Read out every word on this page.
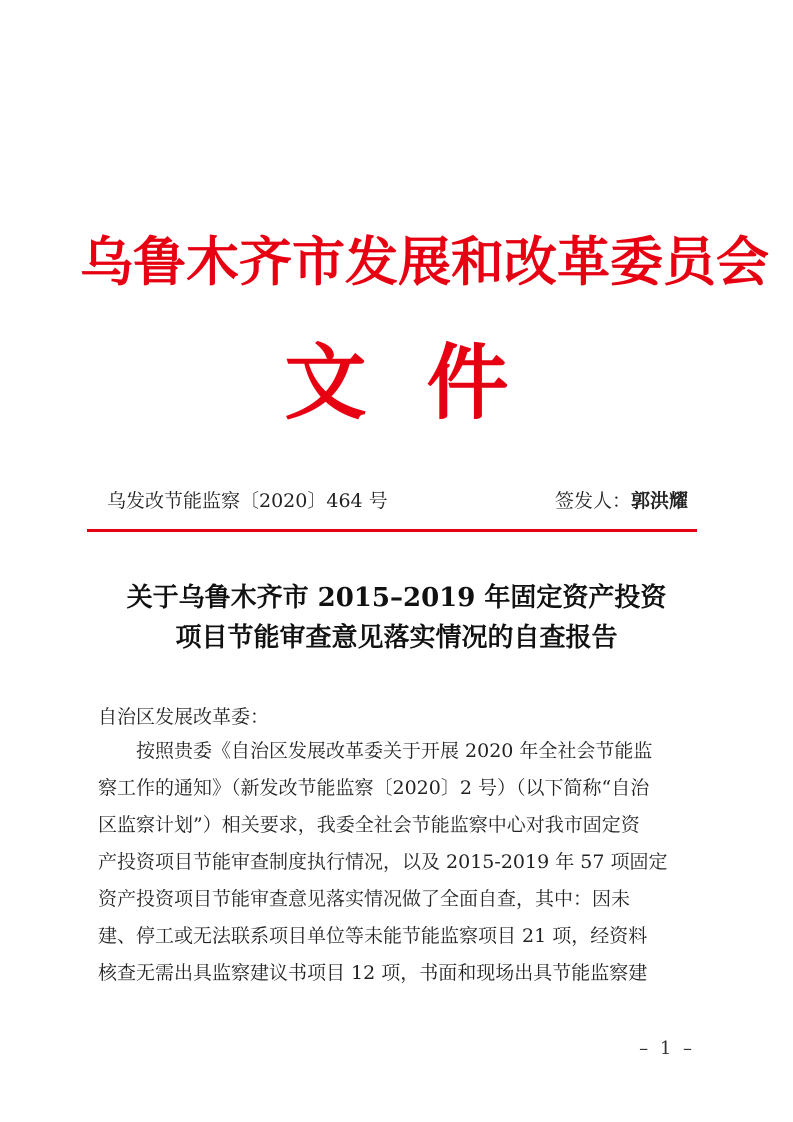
乌鲁木齐市发展和改革委员会
文件
乌发改节能监察〔2020〕464 号	签发人：郭洪耀
关于乌鲁木齐市 2015–2019 年固定资产投资
项目节能审查意见落实情况的自查报告
自治区发展改革委：
按照贵委《自治区发展改革委关于开展 2020 年全社会节能监
察工作的通知》（新发改节能监察〔2020〕2 号）（以下简称“自治
区监察计划”）相关要求，我委全社会节能监察中心对我市固定资
产投资项目节能审查制度执行情况，以及 2015-2019 年 57 项固定
资产投资项目节能审查意见落实情况做了全面自查，其中：因未
建、停工或无法联系项目单位等未能节能监察项目 21 项，经资料
核查无需出具监察建议书项目 12 项，书面和现场出具节能监察建
– 1 –
